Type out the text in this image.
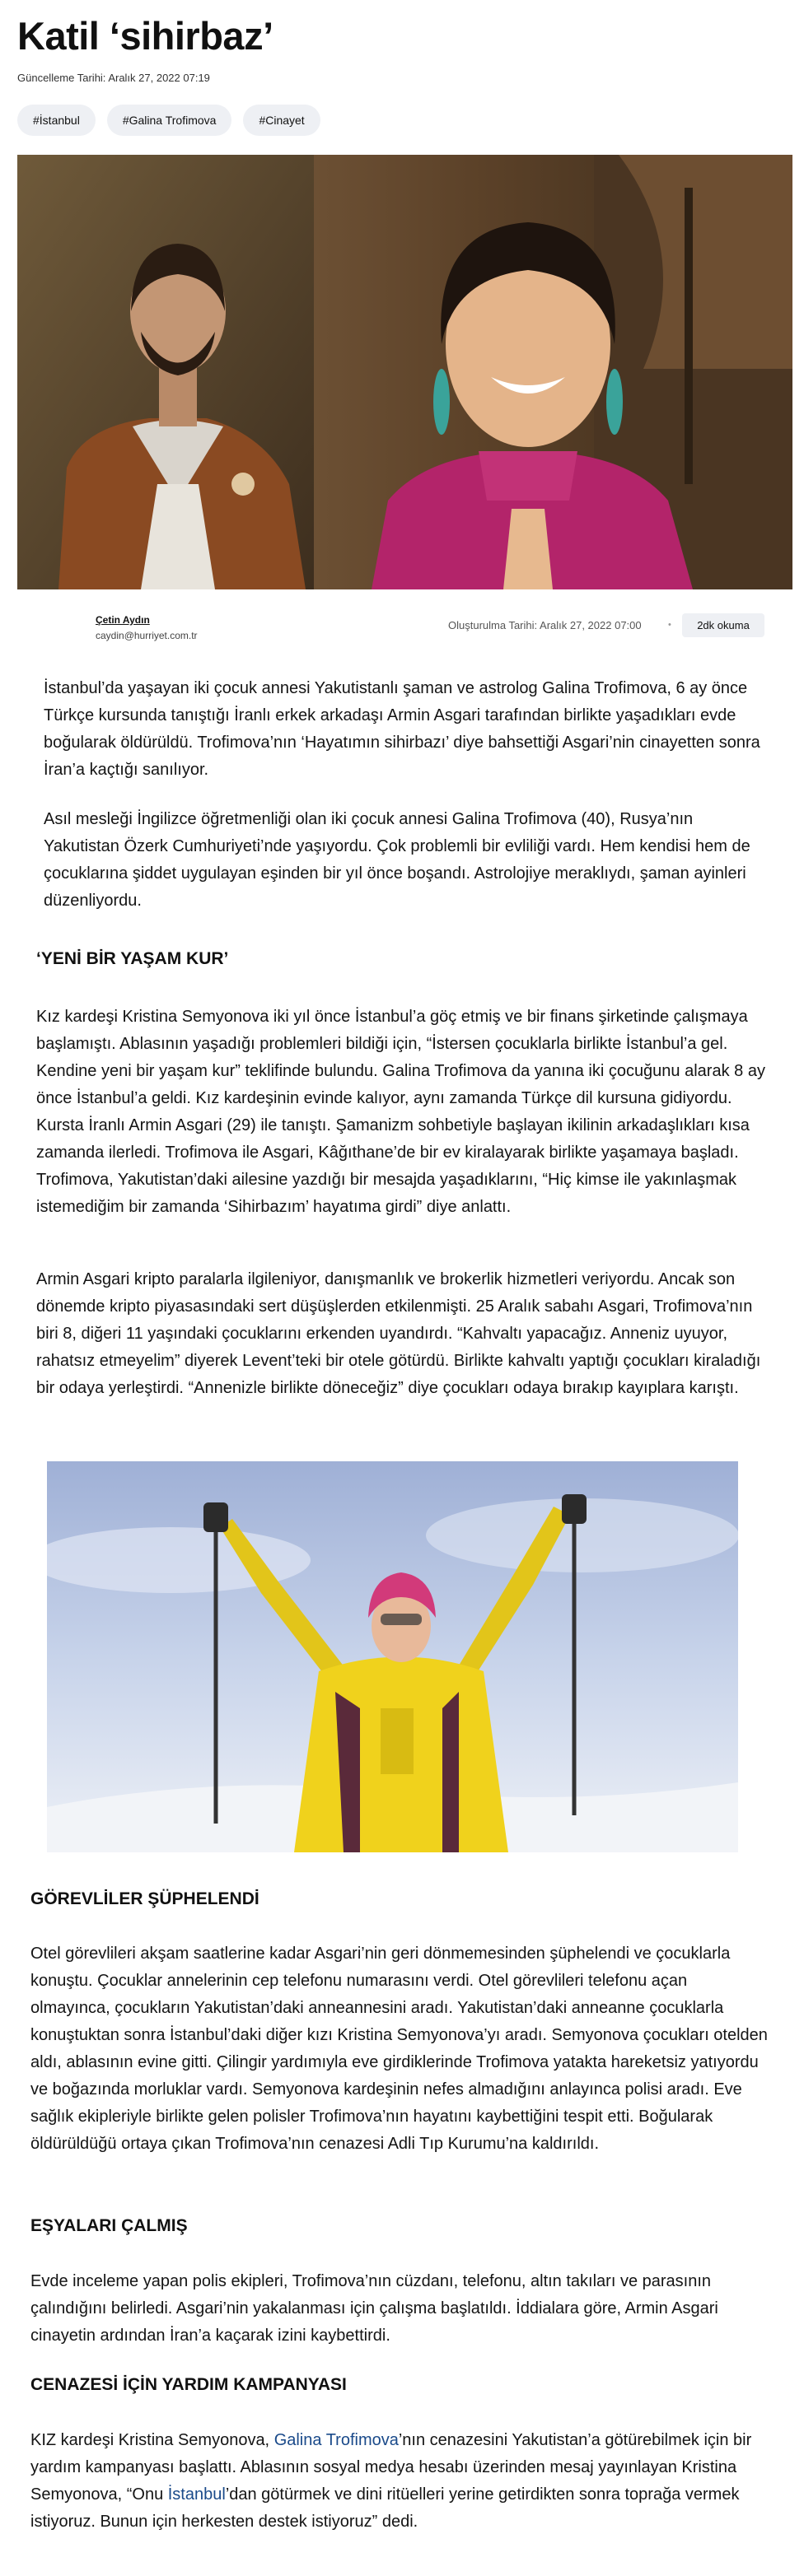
Katil ‘sihirbaz’
Güncelleme Tarihi: Aralık 27, 2022 07:19
#İstanbul	#Galina Trofimova	#Cinayet
Çetin Aydın
caydin@hurriyet.com.tr
Oluşturulma Tarihi: Aralık 27, 2022 07:00	•	2dk okuma

İstanbul’da yaşayan iki çocuk annesi Yakutistanlı şaman ve astrolog Galina Trofimova, 6 ay önce Türkçe kursunda tanıştığı İranlı erkek arkadaşı Armin Asgari tarafından birlikte yaşadıkları evde boğularak öldürüldü. Trofimova’nın ‘Hayatımın sihirbazı’ diye bahsettiği Asgari’nin cinayetten sonra İran’a kaçtığı sanılıyor.

Asıl mesleği İngilizce öğretmenliği olan iki çocuk annesi Galina Trofimova (40), Rusya’nın Yakutistan Özerk Cumhuriyeti’nde yaşıyordu. Çok problemli bir evliliği vardı. Hem kendisi hem de çocuklarına şiddet uygulayan eşinden bir yıl önce boşandı. Astrolojiye meraklıydı, şaman ayinleri düzenliyordu.

‘YENİ BİR YAŞAM KUR’

Kız kardeşi Kristina Semyonova iki yıl önce İstanbul’a göç etmiş ve bir finans şirketinde çalışmaya başlamıştı. Ablasının yaşadığı problemleri bildiği için, “İstersen çocuklarla birlikte İstanbul’a gel. Kendine yeni bir yaşam kur” teklifinde bulundu. Galina Trofimova da yanına iki çocuğunu alarak 8 ay önce İstanbul’a geldi. Kız kardeşinin evinde kalıyor, aynı zamanda Türkçe dil kursuna gidiyordu. Kursta İranlı Armin Asgari (29) ile tanıştı. Şamanizm sohbetiyle başlayan ikilinin arkadaşlıkları kısa zamanda ilerledi. Trofimova ile Asgari, Kâğıthane’de bir ev kiralayarak birlikte yaşamaya başladı. Trofimova, Yakutistan’daki ailesine yazdığı bir mesajda yaşadıklarını, “Hiç kimse ile yakınlaşmak istemediğim bir zamanda ‘Sihirbazım’ hayatıma girdi” diye anlattı.

Armin Asgari kripto paralarla ilgileniyor, danışmanlık ve brokerlik hizmetleri veriyordu. Ancak son dönemde kripto piyasasındaki sert düşüşlerden etkilenmişti. 25 Aralık sabahı Asgari, Trofimova’nın biri 8, diğeri 11 yaşındaki çocuklarını erkenden uyandırdı. “Kahvaltı yapacağız. Anneniz uyuyor, rahatsız etmeyelim” diyerek Levent’teki bir otele götürdü. Birlikte kahvaltı yaptığı çocukları kiraladığı bir odaya yerleştirdi. “Annenizle birlikte döneceğiz” diye çocukları odaya bırakıp kayıplara karıştı.

GÖREVLİLER ŞÜPHELENDİ

Otel görevlileri akşam saatlerine kadar Asgari’nin geri dönmemesinden şüphelendi ve çocuklarla konuştu. Çocuklar annelerinin cep telefonu numarasını verdi. Otel görevlileri telefonu açan olmayınca, çocukların Yakutistan’daki anneannesini aradı. Yakutistan’daki anneanne çocuklarla konuştuktan sonra İstanbul’daki diğer kızı Kristina Semyonova’yı aradı. Semyonova çocukları otelden aldı, ablasının evine gitti. Çilingir yardımıyla eve girdiklerinde Trofimova yatakta hareketsiz yatıyordu ve boğazında morluklar vardı. Semyonova kardeşinin nefes almadığını anlayınca polisi aradı. Eve sağlık ekipleriyle birlikte gelen polisler Trofimova’nın hayatını kaybettiğini tespit etti. Boğularak öldürüldüğü ortaya çıkan Trofimova’nın cenazesi Adli Tıp Kurumu’na kaldırıldı.

EŞYALARI ÇALMIŞ

Evde inceleme yapan polis ekipleri, Trofimova’nın cüzdanı, telefonu, altın takıları ve parasının çalındığını belirledi. Asgari’nin yakalanması için çalışma başlatıldı. İddialara göre, Armin Asgari cinayetin ardından İran’a kaçarak izini kaybettirdi.

CENAZESİ İÇİN YARDIM KAMPANYASI

KIZ kardeşi Kristina Semyonova, Galina Trofimova’nın cenazesini Yakutistan’a götürebilmek için bir yardım kampanyası başlattı. Ablasının sosyal medya hesabı üzerinden mesaj yayınlayan Kristina Semyonova, “Onu İstanbul’dan götürmek ve dini ritüelleri yerine getirdikten sonra toprağa vermek istiyoruz. Bunun için herkesten destek istiyoruz” dedi.
